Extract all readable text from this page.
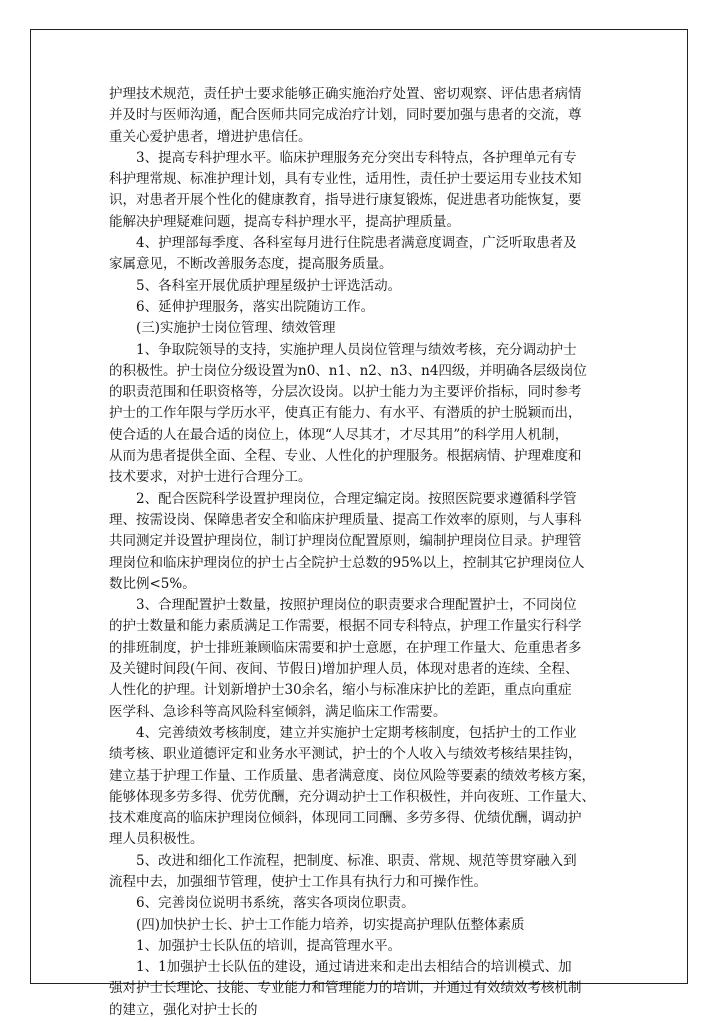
护理技术规范，责任护士要求能够正确实施治疗处置、密切观察、评估患者病情
并及时与医师沟通，配合医师共同完成治疗计划，同时要加强与患者的交流，尊
重关心爱护患者，增进护患信任。
　　3、提高专科护理水平。临床护理服务充分突出专科特点，各护理单元有专
科护理常规、标准护理计划，具有专业性，适用性，责任护士要运用专业技术知
识，对患者开展个性化的健康教育，指导进行康复锻炼，促进患者功能恢复，要
能解决护理疑难问题，提高专科护理水平，提高护理质量。
　　4、护理部每季度、各科室每月进行住院患者满意度调查，广泛听取患者及
家属意见，不断改善服务态度，提高服务质量。
　　5、各科室开展优质护理星级护士评选活动。
　　6、延伸护理服务，落实出院随访工作。
　　(三)实施护士岗位管理、绩效管理
　　1、争取院领导的支持，实施护理人员岗位管理与绩效考核，充分调动护士
的积极性。护士岗位分级设置为n0、n1、n2、n3、n4四级，并明确各层级岗位
的职责范围和任职资格等，分层次设岗。以护士能力为主要评价指标，同时参考
护士的工作年限与学历水平，使真正有能力、有水平、有潜质的护士脱颖而出，
使合适的人在最合适的岗位上，体现“人尽其才，才尽其用”的科学用人机制，
从而为患者提供全面、全程、专业、人性化的护理服务。根据病情、护理难度和
技术要求，对护士进行合理分工。
　　2、配合医院科学设置护理岗位，合理定编定岗。按照医院要求遵循科学管
理、按需设岗、保障患者安全和临床护理质量、提高工作效率的原则，与人事科
共同测定并设置护理岗位，制订护理岗位配置原则，编制护理岗位目录。护理管
理岗位和临床护理岗位的护士占全院护士总数的95%以上，控制其它护理岗位人
数比例<5%。
　　3、合理配置护士数量，按照护理岗位的职责要求合理配置护士，不同岗位
的护士数量和能力素质满足工作需要，根据不同专科特点，护理工作量实行科学
的排班制度，护士排班兼顾临床需要和护士意愿，在护理工作量大、危重患者多
及关键时间段(午间、夜间、节假日)增加护理人员，体现对患者的连续、全程、
人性化的护理。计划新增护士30余名，缩小与标准床护比的差距，重点向重症
医学科、急诊科等高风险科室倾斜，满足临床工作需要。
　　4、完善绩效考核制度，建立并实施护士定期考核制度，包括护士的工作业
绩考核、职业道德评定和业务水平测试，护士的个人收入与绩效考核结果挂钩，
建立基于护理工作量、工作质量、患者满意度、岗位风险等要素的绩效考核方案，
能够体现多劳多得、优劳优酬，充分调动护士工作积极性，并向夜班、工作量大、
技术难度高的临床护理岗位倾斜，体现同工同酬、多劳多得、优绩优酬，调动护
理人员积极性。
　　5、改进和细化工作流程，把制度、标准、职责、常规、规范等贯穿融入到
流程中去，加强细节管理，使护士工作具有执行力和可操作性。
　　6、完善岗位说明书系统，落实各项岗位职责。
　　(四)加快护士长、护士工作能力培养，切实提高护理队伍整体素质
　　1、加强护士长队伍的培训，提高管理水平。
　　1、1加强护士长队伍的建设，通过请进来和走出去相结合的培训模式、加
强对护士长理论、技能、专业能力和管理能力的培训，并通过有效绩效考核机制
的建立，强化对护士长的
